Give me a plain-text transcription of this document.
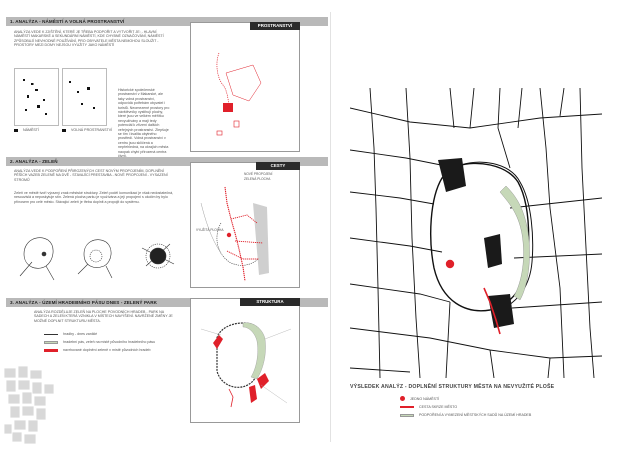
1. ANALÝZA - NÁMĚSTÍ A VOLNÁ PROSTRANSTVÍ
ANALÝZA VEDE K ZJIŠTĚNÍ, KTERÉ JE TŘEBA PODPOŘIT A VYTVOŘIT JE: - HLAVNÍ NÁMĚSTÍ MAKARSKÉ A SEKUNDÁRNÍ NÁMĚSTÍ, KDE CHYBNÉ OZNAČOVÁNÍ, NÁMĚSTÍ ZPŮSOBUJÍ NEVHODNÉ POUŽÍVÁNÍ, PRO OBYVATELE MĚSTA NEMOHOU SLOUŽIT - PROSTORY MEZI DOMY NEJSOU VYUŽITY JAKO NÁMĚSTÍ
NÁMĚSTÍ	VOLNÁ PROSTRANSTVÍ
Historické společenské prostranství v Makarské, ale taky volná prostranství, odpovídá potřebám obyvatel i turistů. Neomezené prostory pro návštěvníky vystihují plochy, které jsou ve velkém měřítku nevyužívány a mají tedy potenciál k zřízení dalších veřejných prostranství. Zlepšuje se tím i kvalita obytného prostředí. Volná prostranství v centru jsou sklíčená a nepřehledná, na okrajích města naopak chybí přirozená centra
PROSTRANSTVÍ
2. ANALÝZA - ZELEŇ
ANALÝZA VEDE K PODPOŘENÍ PŘIROZENÝCH CEST NOVÝM PROPOJENÍM, DOPLNĚNÍ PĚŠÍCH VAZEB ZELENĚ NA DVĚ - STAVAJÍCÍ PRESTAVBA - NOVÉ PROPOJENÍ - VYSAZENÍ STROMŮ
Zeleň ve městě tvoří výrazný znak městské struktury. Zeleň podél komunikací je však nedostatečná, nesouvislá a neposkytuje stín. Zelená plocha parku je využívána a její propojení s okolím by bylo přínosem pro celé město. Stávající zeleň je třeba doplnit a propojit do systému.
CESTY
NOVÉ PROPOJENÍ
ZELENÁ PLOCHA
VYUŽITÁ PLOCHA
3. ANALÝZA - ÚZEMÍ HRADEBNÍHO PÁSU DNES - ZELENÝ PARK
ANALÝZA ROZDĚLUJE ZELEŇ NA PLOCHE POVODNÍCH HRADEB - PARK NA SADECH A ZELEŇ KTERÁ VZNIKLA V MÍSTECH NAVÝŠENÍ. NAVRŽENÉ ZMĚNY JE MOŽNÉ DOPLNIT STRUKTURU MĚSTA.
hradby - dnes zaniklé
hradební pás, zeleň na místě původního hradebního pásu
navrhované doplnění zeleně v místě původních hradeb
STRUKTURA
VÝSLEDEK ANALÝZ - DOPLNĚNÍ STRUKTURY MĚSTA NA NEVYUŽITÉ PLOŠE
JEDNO NÁMĚSTÍ
CESTA SKRZE MĚSTO
PODPOŘENÍ A VYMEZENÍ MĚSTSKÝCH SADŮ NA ÚZEMÍ HRADEB
